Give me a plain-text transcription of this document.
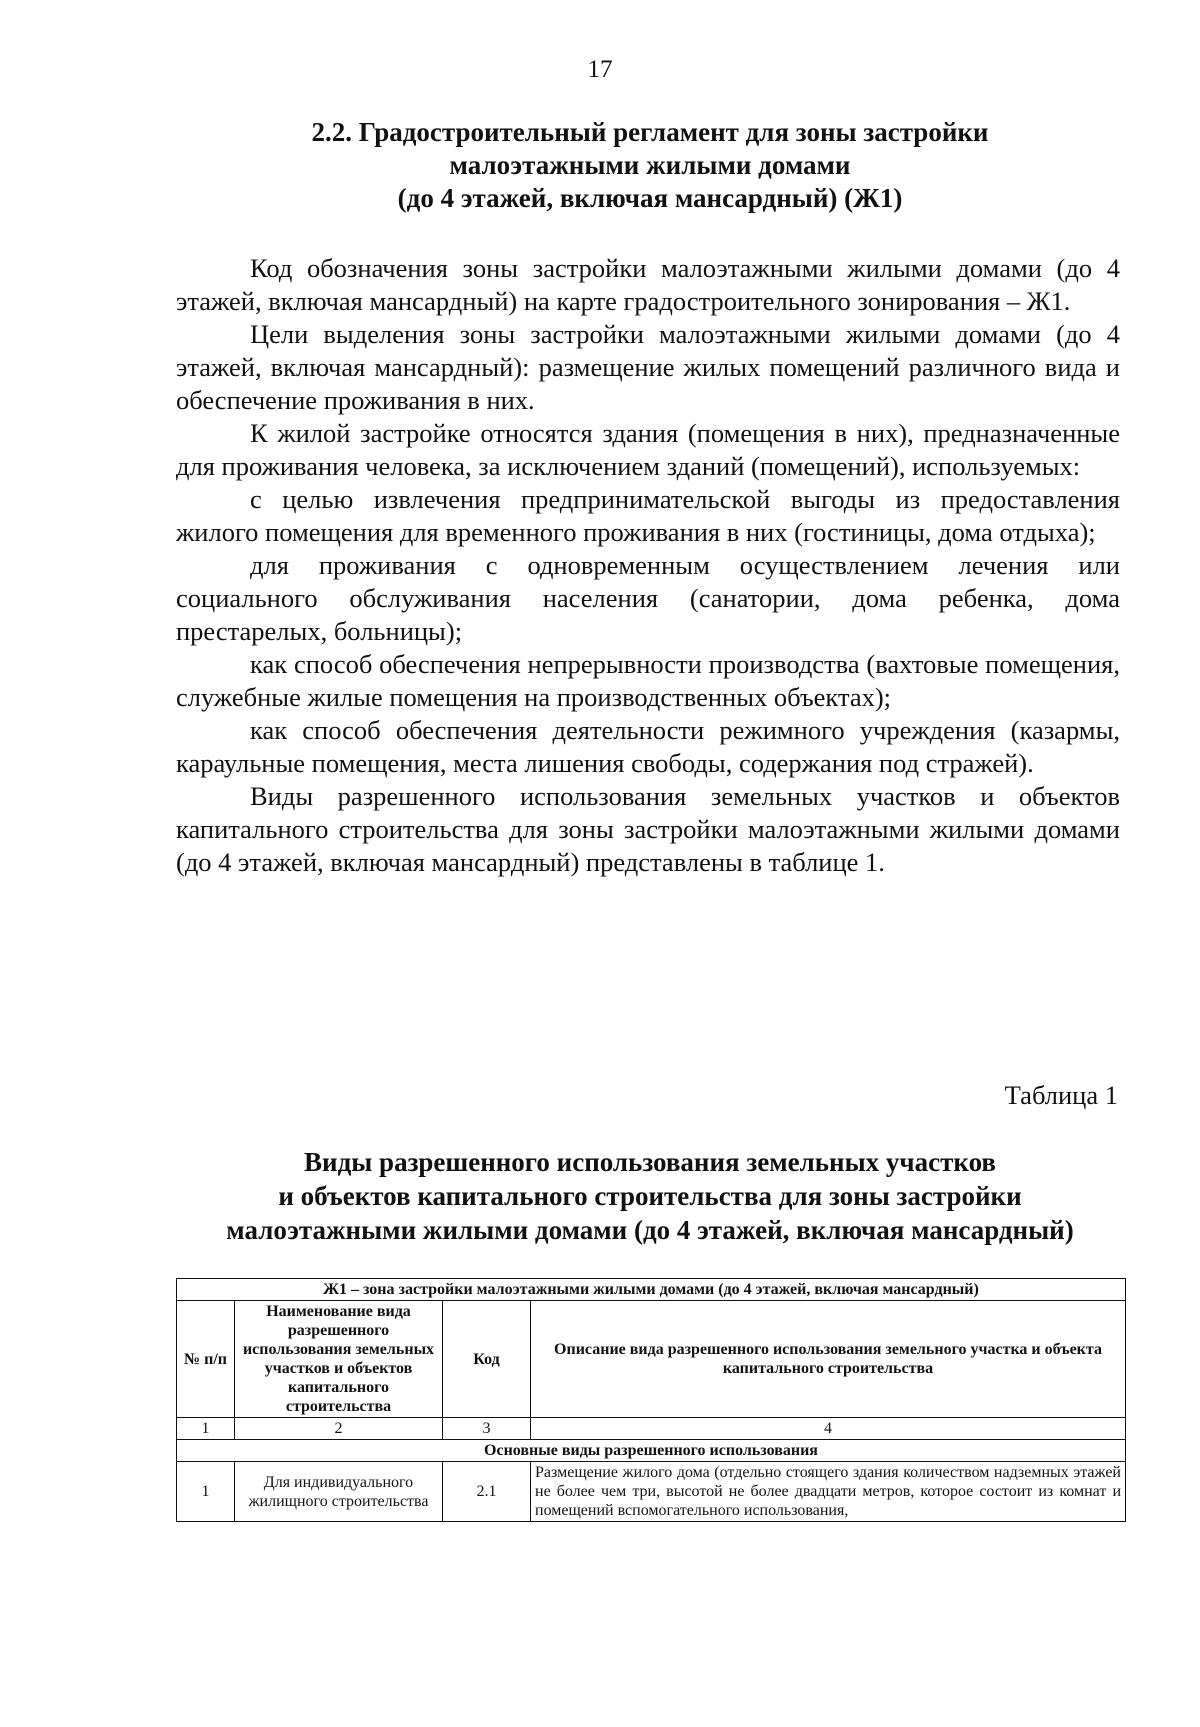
17
2.2. Градостроительный регламент для зоны застройки
малоэтажными жилыми домами
(до 4 этажей, включая мансардный) (Ж1)

Код обозначения зоны застройки малоэтажными жилыми домами (до 4 этажей, включая мансардный) на карте градостроительного зонирования – Ж1.

Цели выделения зоны застройки малоэтажными жилыми домами (до 4 этажей, включая мансардный): размещение жилых помещений различного вида и обеспечение проживания в них.

К жилой застройке относятся здания (помещения в них), предназначенные для проживания человека, за исключением зданий (помещений), используемых:

с целью извлечения предпринимательской выгоды из предоставления жилого помещения для временного проживания в них (гостиницы, дома отдыха);

для проживания с одновременным осуществлением лечения или социального обслуживания населения (санатории, дома ребенка, дома престарелых, больницы);

как способ обеспечения непрерывности производства (вахтовые помещения, служебные жилые помещения на производственных объектах);

как способ обеспечения деятельности режимного учреждения (казармы, караульные помещения, места лишения свободы, содержания под стражей).

Виды разрешенного использования земельных участков и объектов капитального строительства для зоны застройки малоэтажными жилыми домами (до 4 этажей, включая мансардный) представлены в таблице 1.

Таблица 1
Виды разрешенного использования земельных участков
и объектов капитального строительства для зоны застройки
малоэтажными жилыми домами (до 4 этажей, включая мансардный)
Ж1 – зона застройки малоэтажными жилыми домами (до 4 этажей, включая мансардный)			
№ п/п	Наименование вида разрешенного использования земельных участков и объектов капитального строительства	Код	Описание вида разрешенного использования земельного участка и объекта капитального строительства
1	2	3	4
Основные виды разрешенного использования			
1	Для индивидуального жилищного строительства	2.1	Размещение жилого дома (отдельно стоящего здания количеством надземных этажей не более чем три, высотой не более двадцати метров, которое состоит из комнат и помещений вспомогательного использования,
